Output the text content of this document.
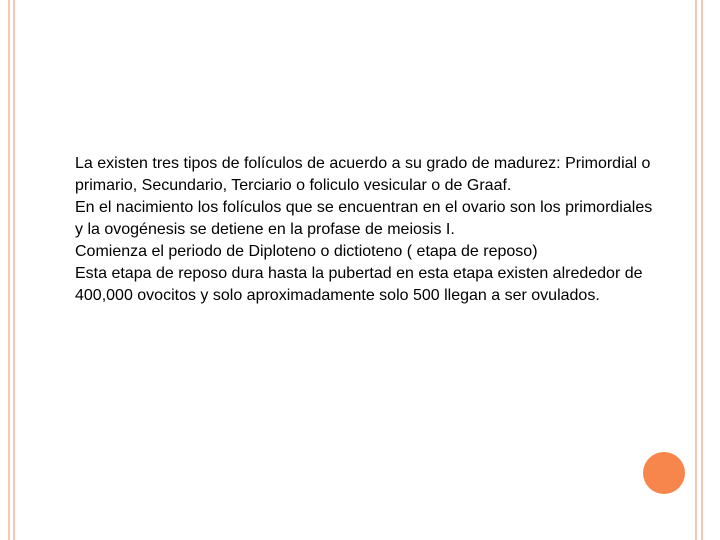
La existen tres tipos de folículos de acuerdo a su grado de madurez: Primordial o primario, Secundario, Terciario o foliculo vesicular o de Graaf.

En el nacimiento los folículos que se encuentran en el ovario son los primordiales y la ovogénesis se detiene en la profase de meiosis I.

Comienza el periodo de Diploteno o dictioteno ( etapa de reposo)

Esta etapa de reposo dura hasta la pubertad en esta etapa existen alrededor de 400,000 ovocitos y solo aproximadamente solo 500 llegan a ser ovulados.
